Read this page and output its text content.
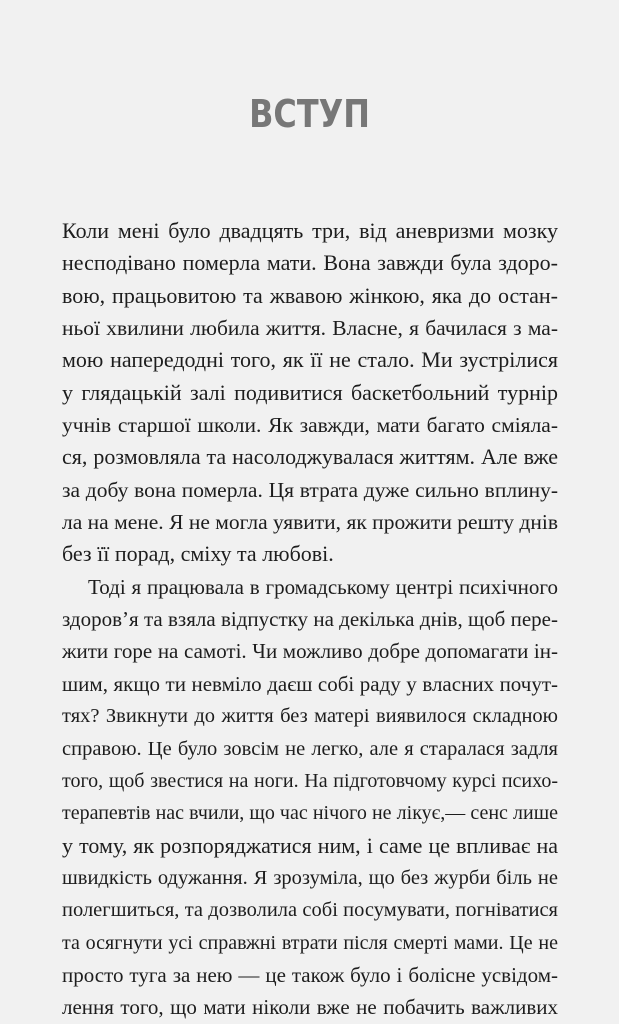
ВСТУП
Коли мені було двадцять три, від аневризми мозку
несподівано померла мати. Вона завжди була здоро-
вою, працьовитою та жвавою жінкою, яка до остан-
ньої хвилини любила життя. Власне, я бачилася з ма-
мою напередодні того, як її не стало. Ми зустрілися
у глядацькій залі подивитися баскетбольний турнір
учнів старшої школи. Як завжди, мати багато сміяла-
ся, розмовляла та насолоджувалася життям. Але вже
за добу вона померла. Ця втрата дуже сильно вплину-
ла на мене. Я не могла уявити, як прожити решту днів
без її порад, сміху та любові.
Тоді я працювала в громадському центрі психічного
здоров’я та взяла відпустку на декілька днів, щоб пере-
жити горе на самоті. Чи можливо добре допомагати ін-
шим, якщо ти невміло даєш собі раду у власних почут-
тях? Звикнути до життя без матері виявилося складною
справою. Це було зовсім не легко, але я старалася задля
того, щоб звестися на ноги. На підготовчому курсі психо-
терапевтів нас вчили, що час нічого не лікує,— сенс лише
у тому, як розпоряджатися ним, і саме це впливає на
швидкість одужання. Я зрозуміла, що без журби біль не
полегшиться, та дозволила собі посумувати, погніватися
та осягнути усі справжні втрати після смерті мами. Це не
просто туга за нею — це також було і болісне усвідом-
лення того, що мати ніколи вже не побачить важливих
